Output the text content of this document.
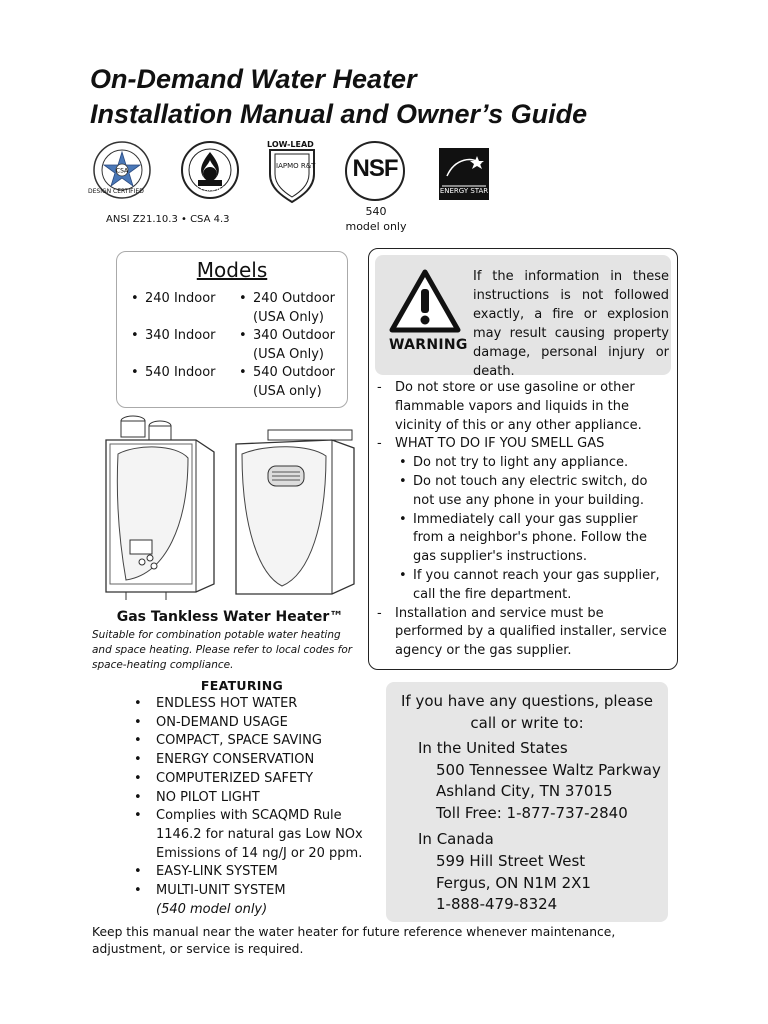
On-Demand Water Heater
Installation Manual and Owner’s Guide
CSA
DESIGN CERTIFIED	CERTIFIED
LOW-LEAD
IAPMO R&T NSF
ENERGY STAR
ANSI Z21.10.3 • CSA 4.3
540
model only
Models
• 240 Indoor
• 340 Indoor
• 540 Indoor
• 240 Outdoor
(USA Only)
• 340 Outdoor
(USA Only)
• 540 Outdoor
(USA only)
Gas Tankless Water Heater™
Suitable for combination potable water heating and space heating. Please refer to local codes for space-heating compliance.
WARNING
If the information in these instructions is not followed exactly, a fire or explosion may result causing property damage, personal injury or death.
- Do not store or use gasoline or other flammable vapors and liquids in the vicinity of this or any other appliance.
- WHAT TO DO IF YOU SMELL GAS
• Do not try to light any appliance.
• Do not touch any electric switch, do not use any phone in your building.
• Immediately call your gas supplier from a neighbor's phone. Follow the gas supplier's instructions.
• If you cannot reach your gas supplier, call the fire department.
- Installation and service must be performed by a qualified installer, service agency or the gas supplier.
FEATURING
• ENDLESS HOT WATER
• ON-DEMAND USAGE
• COMPACT, SPACE SAVING
• ENERGY CONSERVATION
• COMPUTERIZED SAFETY
• NO PILOT LIGHT
• Complies with SCAQMD Rule 1146.2 for natural gas Low NOx Emissions of 14 ng/J or 20 ppm.
• EASY-LINK SYSTEM
• MULTI-UNIT SYSTEM
(540 model only)
If you have any questions, please
call or write to:
In the United States
500 Tennessee Waltz Parkway
Ashland City, TN 37015
Toll Free: 1-877-737-2840
In Canada
599 Hill Street West
Fergus, ON N1M 2X1
1-888-479-8324
Keep this manual near the water heater for future reference whenever maintenance, adjustment, or service is required.
